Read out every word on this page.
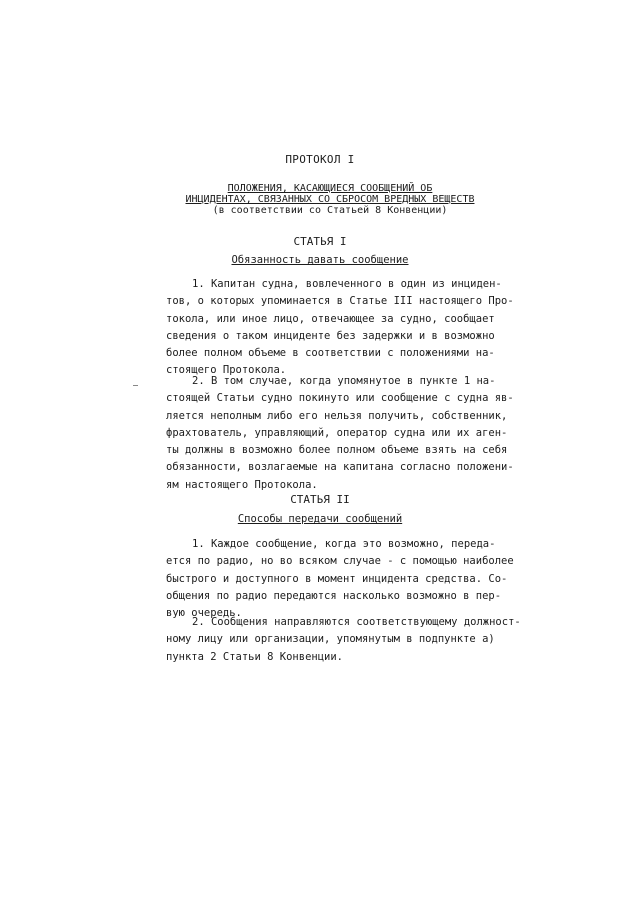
ПРОТОКОЛ I
ПОЛОЖЕНИЯ, КАСАЮЩИЕСЯ СООБЩЕНИЙ ОБ
ИНЦИДЕНТАХ, СВЯЗАННЫХ СО СБРОСОМ ВРЕДНЫХ ВЕЩЕСТВ
(в соответствии со Статьей 8 Конвенции)
СТАТЬЯ I
Обязанность давать сообщение
1. Капитан судна, вовлеченного в один из инциден-
тов, о которых упоминается в Статье III настоящего Про-
токола, или иное лицо, отвечающее за судно, сообщает
сведения о таком инциденте без задержки и в возможно
более полном объеме в соответствии с положениями на-
стоящего Протокола.
2. В том случае, когда упомянутое в пункте 1 на-
стоящей Статьи судно покинуто или сообщение с судна яв-
ляется неполным либо его нельзя получить, собственник,
фрахтователь, управляющий, оператор судна или их аген-
ты должны в возможно более полном объеме взять на себя
обязанности, возлагаемые на капитана согласно положени-
ям настоящего Протокола.
СТАТЬЯ II
Способы передачи сообщений
1. Каждое сообщение, когда это возможно, переда-
ется по радио, но во всяком случае - с помощью наиболее
быстрого и доступного в момент инцидента средства. Со-
общения по радио передаются насколько возможно в пер-
вую очередь.
2. Сообщения направляются соответствующему должност-
ному лицу или организации, упомянутым в подпункте а)
пункта 2 Статьи 8 Конвенции.
